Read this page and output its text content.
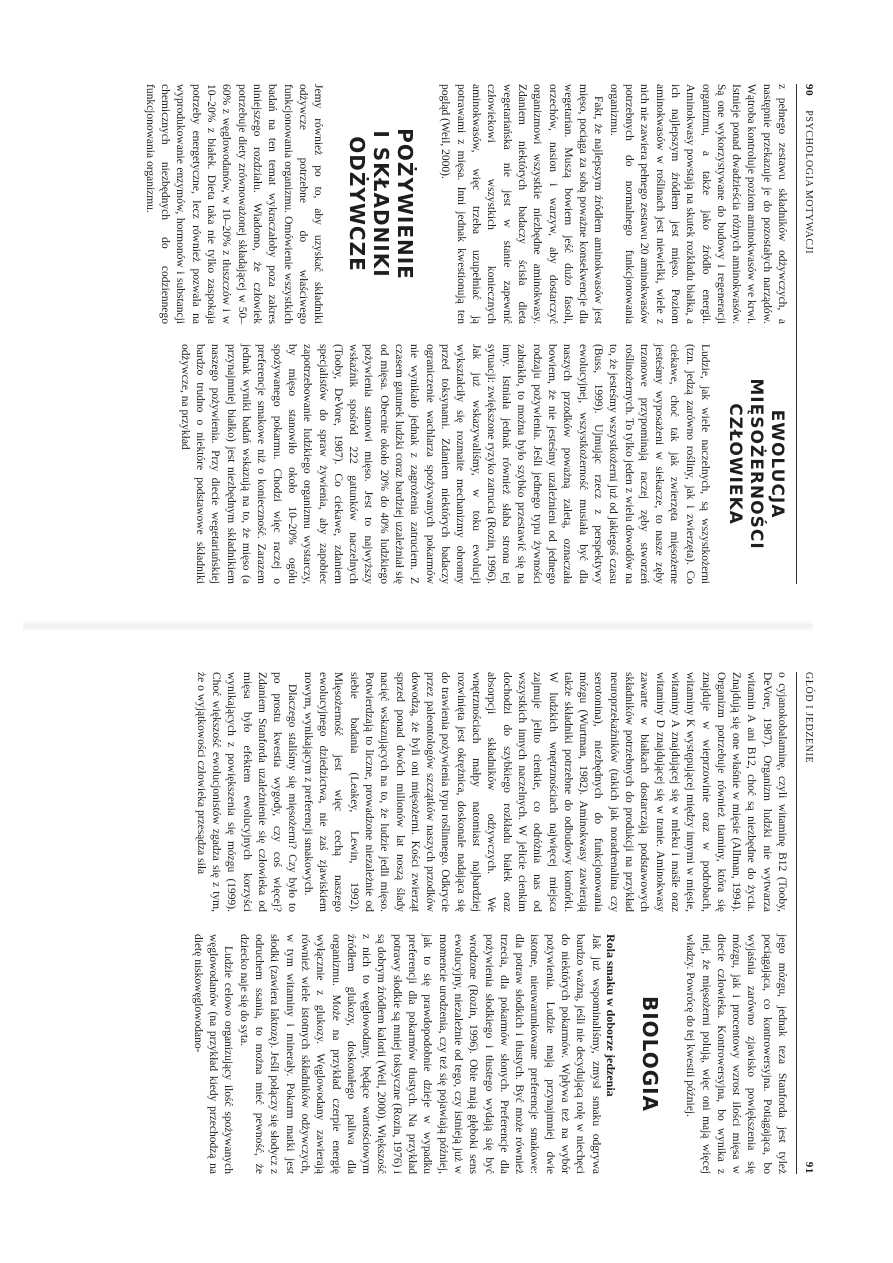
90
PSYCHOLOGIA MOTYWACJI

z pełnego zestawu składników odżywczych, a następnie przekazuje je do pozostałych narządów. Wątroba kontroluje poziom aminokwasów we krwi. Istnieje ponad dwadzieścia różnych aminokwasów. Są one wykorzystywane do budowy i regeneracji organizmu, a także jako źródło energii. Aminokwasy powstają na skutek rozkładu białka, a ich najlepszym źródłem jest mięso. Poziom aminokwasów w roślinach jest niewielki, wiele z nich nie zawiera pełnego zestawu 20 aminokwasów potrzebnych do normalnego funkcjonowania organizmu.

Fakt, że najlepszym źródłem aminokwasów jest mięso, pociąga za sobą poważne konsekwencje dla wegetarian. Muszą bowiem jeść dużo fasoli, orzechów, nasion i warzyw, aby dostarczyć organizmowi wszystkie niezbędne aminokwasy. Zdaniem niektórych badaczy ścisła dieta wegetariańska nie jest w stanie zapewnić człowiekowi wszystkich koniecznych aminokwasów, więc trzeba uzupełniać ją potrawami z mięsa. Inni jednak kwestionują ten pogląd (Weil, 2000).

POŻYWIENIE
I SKŁADNIKI ODŻYWCZE

Jemy również po to, aby uzyskać składniki odżywcze potrzebne do właściwego funkcjonowania organizmu. Omówienie wszystkich badań na ten temat wykraczałoby poza zakres niniejszego rozdziału. Wiadomo, że człowiek potrzebuje diety zrównoważonej składającej w 50–60% z węglowodanów, w 10–20% z tłuszczów i w 10–20% z białek. Dieta taka nie tylko zaspokaja potrzeby energetyczne, lecz również pozwala na wyprodukowanie enzymów, hormonów i substancji chemicznych niezbędnych do codziennego funkcjonowania organizmu.

EWOLUCJA
MIĘSOŻERNOŚCI CZŁOWIEKA

Ludzie, jak wiele naczelnych, są wszystkożerni (tzn. jedzą zarówno rośliny, jak i zwierzęta). Co ciekawe, choć tak jak zwierzęta mięsożerne jesteśmy wyposażeni w siekacze, to nasze zęby trzonowe przypominają raczej zęby stworzeń roślinożernych. To tylko jeden z wielu dowodów na to, że jesteśmy wszystkożerni już od jakiegoś czasu (Buss, 1999). Ujmując rzecz z perspektywy ewolucyjnej, wszystkożerność musiała być dla naszych przodków poważną zaletą, oznaczała bowiem, że nie jesteśmy uzależnieni od jednego rodzaju pożywienia. Jeśli jednego typu żywności zabrakło, to można było szybko przestawić się na inny. Istniała jednak również słaba strona tej sytuacji: zwiększone ryzyko zatrucia (Rozin, 1996). Jak już wskazywaliśmy, w toku ewolucji wykształciły się rozmaite mechanizmy obronny przed toksynami. Zdaniem niektórych badaczy ograniczenie wachlarza spożywanych pokarmów nie wynikało jednak z zagrożenia zatruciem. Z czasem gatunek ludzki coraz bardziej uzależniał się od mięsa. Obecnie około 20% do 40% ludzkiego pożywienia stanowi mięso. Jest to najwyższy wskaźnik spośród 222 gatunków naczelnych (Tooby, DeVore, 1987). Co ciekawe, zdaniem specjalistów do spraw żywienia, aby zapobiec zapotrzebowanie ludzkiego organizmu wystarczy, by mięso stanowiło około 10–20% ogółu spożywanego pokarmu. Chodzi więc raczej o preferencje smakowe niż o konieczność. Zarazem jednak wyniki badań wskazują na to, że mięso (a przynajmniej białko) jest niezbędnym składnikiem naszego pożywienia. Przy diecie wegetariańskiej bardzo trudno o niektóre podstawowe składniki odżywcze, na przykład

GŁÓD I JEDZENIE
91

o cyjanokobalaminę, czyli witaminę B12 (Tooby, DeVore, 1987). Organizm ludzki nie wytwarza witamin A ani B12, choć są niezbędne do życia. Znajdują się one właśnie w mięsie (Allman, 1994). Organizm potrzebuje również tiaminy, która się znajduje w wieprzowinie oraz w podrobach, witaminy K występującej między innymi w mięsie, witaminy A znajdującej się w mleku i maśle oraz witaminy D znajdującej się w tranie. Aminokwasy zawarte w białkach dostarczają podstawowych składników potrzebnych do produkcji na przykład neuroprzekaźników (takich jak noradrenalina czy serotonina), niezbędnych do funkcjonowania mózgu (Wurtman, 1982). Aminokwasy zawierają także składniki potrzebne do odbudowy komórki. W ludzkich wnętrznościach najwięcej miejsca zajmuje jelito cienkie, co odróżnia nas od wszystkich innych naczelnych. W jelicie cienkim dochodzi do szybkiego rozkładu białek oraz absorpcji składników odżywczych. We wnętrznościach małpy natomiast najbardziej rozwinięta jest okrężnica, doskonale nadająca się do trawienia pożywienia typu roślinnego. Odkrycie przez paleontologów szczątków naszych przodków dowodzą, że byli oni mięsożerni. Kości zwierząt sprzed ponad dwóch milionów lat noszą ślady nacięć wskazujących na to, że ludzie jedli mięso. Potwierdzają to liczne, prowadzone niezależnie od siebie badania (Leakey, Lewin, 1992). Mięsożerność jest więc cechą naszego ewolucyjnego dziedzictwa, nie zaś zjawiskiem nowym, wynikającym z preferencji smakowych.

Dlaczego staliśmy się mięsożerni? Czy było to po prostu kwestia wygody, czy coś więcej? Zdaniem Stanforda uzależnienie się człowieka od mięsa było efektem ewolucyjnych korzyści wynikających z powiększenia się mózgu (1999). Choć większość ewolucjonistów zgadza się z tym, że o wyjątkowości człowieka przesądza siła

jego mózgu, jednak teza Stanforda jest tyleż pociągająca, co kontrowersyjna. Potiągająca, bo wyjaśnia zarówno zjawisko powiększenia się mózgu, jak i procentowy wzrost ilości mięsa w diecie człowieka. Kontrowersyjna, bo wynika z niej, że mięsożerni polują, więc oni mają więcej władzy. Powrócę do tej kwestii później.

BIOLOGIA

Rola smaku w doborze jedzenia

Jak już wspominaliśmy, zmysł smaku odgrywa bardzo ważną, jeśli nie decydującą rolę w niechęci do niektórych pokarmów. Wpływa też na wybór pożywienia. Ludzie mają przynajmniej dwie istotne, nieuwarunkowane preferencje smakowe: dla potraw słodkich i tłustych. Być może również trzecia, dla pokarmów słonych. Preferencje dla pożywienia słodkiego i tłustego wydają się być wrodzone (Rozin, 1996). Obie mają głęboki sens ewolucyjny, niezależnie od tego, czy istnieją już w momencie urodzenia, czy też się pojawiają później, jak to się prawdopodobnie dzieje w wypadku preferencji dla pokarmów tłustych. Na przykład potrawy słodkie są mniej toksyczne (Rozin, 1976) i są dobrym źródłem kalorii (Weil, 2000). Większość z nich to węglowodany, będące wartościowym źródłem glukozy, doskonałego paliwa dla organizmu. Może na przykład czerpie energię wyłącznie z glukozy. Węglowodany zawierają również wiele istotnych składników odżywczych, w tym witaminy i minerały. Pokarm matki jest słodki (zawiera laktozę). Jeśli połączy się słodycz z odruchem ssania, to można mieć pewność, że dziecko naje się do syta.

Ludzie celowo organizujący ilość spożywanych węglowodanów (na przykład kiedy przechodzą na dietę niskowęglowodano-
